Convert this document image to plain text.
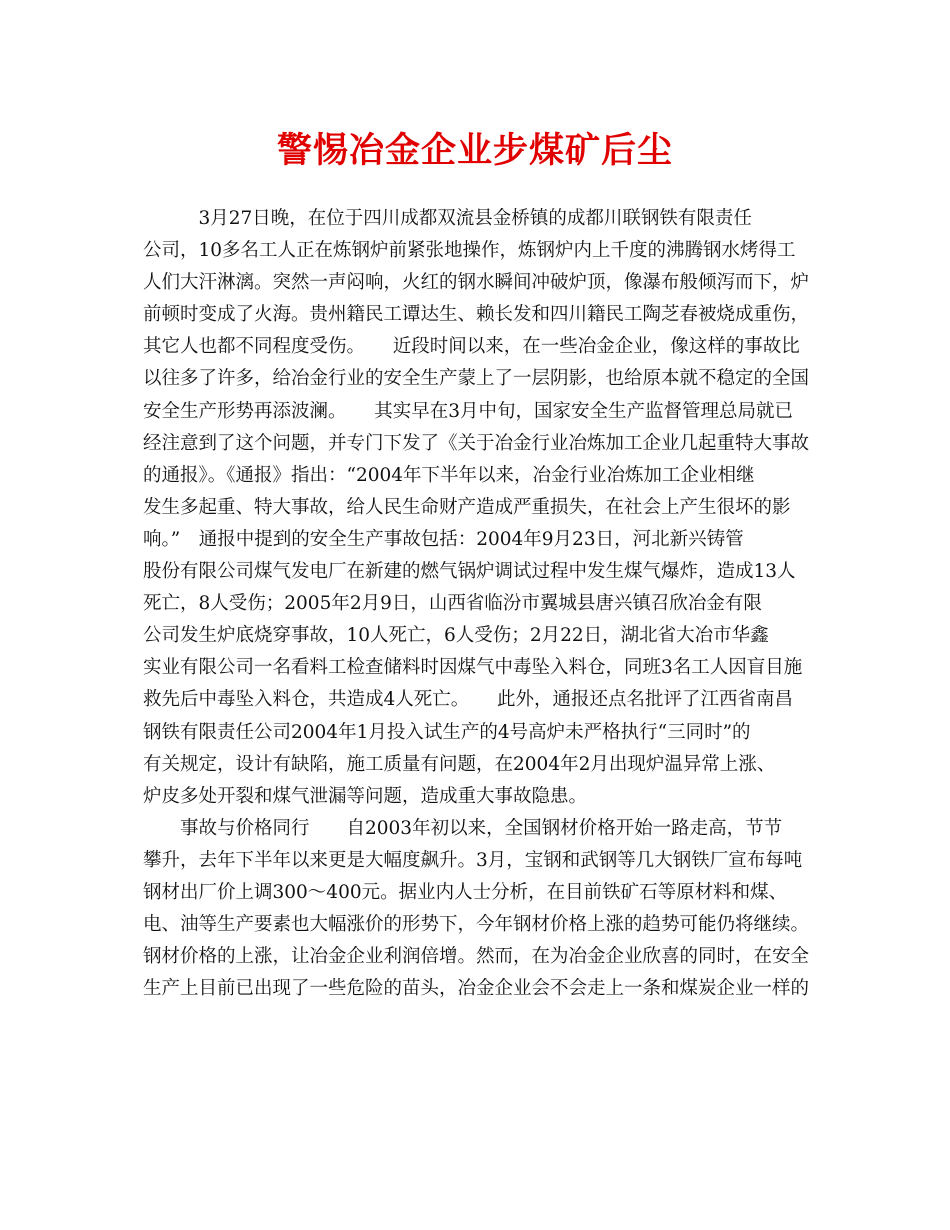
警惕冶金企业步煤矿后尘
　　　3月27日晚，在位于四川成都双流县金桥镇的成都川联钢铁有限责任
公司，10多名工人正在炼钢炉前紧张地操作，炼钢炉内上千度的沸腾钢水烤得工
人们大汗淋漓。突然一声闷响，火红的钢水瞬间冲破炉顶，像瀑布般倾泻而下，炉
前顿时变成了火海。贵州籍民工谭达生、赖长发和四川籍民工陶芝春被烧成重伤，
其它人也都不同程度受伤。　　近段时间以来，在一些冶金企业，像这样的事故比
以往多了许多，给冶金行业的安全生产蒙上了一层阴影，也给原本就不稳定的全国
安全生产形势再添波澜。　　其实早在3月中旬，国家安全生产监督管理总局就已
经注意到了这个问题，并专门下发了《关于冶金行业冶炼加工企业几起重特大事故
的通报》。《通报》指出：“2004年下半年以来，冶金行业冶炼加工企业相继
发生多起重、特大事故，给人民生命财产造成严重损失，在社会上产生很坏的影
响。”　通报中提到的安全生产事故包括：2004年9月23日，河北新兴铸管
股份有限公司煤气发电厂在新建的燃气锅炉调试过程中发生煤气爆炸，造成13人
死亡，8人受伤；2005年2月9日，山西省临汾市翼城县唐兴镇召欣冶金有限
公司发生炉底烧穿事故，10人死亡，6人受伤；2月22日，湖北省大冶市华鑫
实业有限公司一名看料工检查储料时因煤气中毒坠入料仓，同班3名工人因盲目施
救先后中毒坠入料仓，共造成4人死亡。　　此外，通报还点名批评了江西省南昌
钢铁有限责任公司2004年1月投入试生产的4号高炉未严格执行“三同时”的
有关规定，设计有缺陷，施工质量有问题，在2004年2月出现炉温异常上涨、
炉皮多处开裂和煤气泄漏等问题，造成重大事故隐患。
　　事故与价格同行　　自2003年初以来，全国钢材价格开始一路走高，节节
攀升，去年下半年以来更是大幅度飙升。3月，宝钢和武钢等几大钢铁厂宣布每吨
钢材出厂价上调300～400元。据业内人士分析，在目前铁矿石等原材料和煤、
电、油等生产要素也大幅涨价的形势下，今年钢材价格上涨的趋势可能仍将继续。
钢材价格的上涨，让冶金企业利润倍增。然而，在为冶金企业欣喜的同时，在安全
生产上目前已出现了一些危险的苗头，冶金企业会不会走上一条和煤炭企业一样的
